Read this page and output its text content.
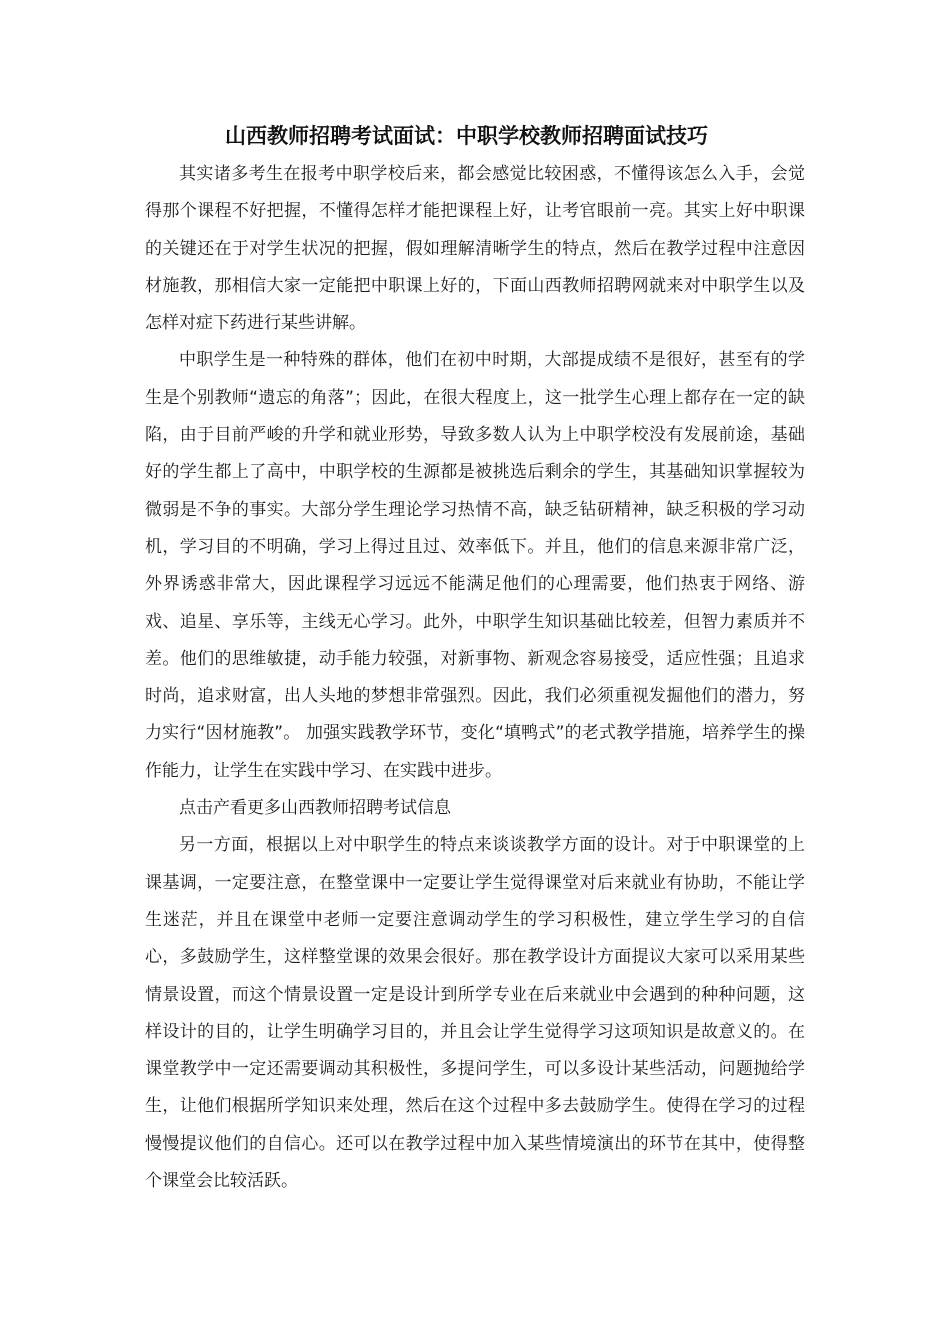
山西教师招聘考试面试：中职学校教师招聘面试技巧

其实诸多考生在报考中职学校后来，都会感觉比较困惑，不懂得该怎么入手，会觉得那个课程不好把握，不懂得怎样才能把课程上好，让考官眼前一亮。其实上好中职课的关键还在于对学生状况的把握，假如理解清晰学生的特点，然后在教学过程中注意因材施教，那相信大家一定能把中职课上好的，下面山西教师招聘网就来对中职学生以及怎样对症下药进行某些讲解。

中职学生是一种特殊的群体，他们在初中时期，大部提成绩不是很好，甚至有的学生是个别教师“遗忘的角落”；因此，在很大程度上，这一批学生心理上都存在一定的缺陷，由于目前严峻的升学和就业形势，导致多数人认为上中职学校没有发展前途，基础好的学生都上了高中，中职学校的生源都是被挑选后剩余的学生，其基础知识掌握较为微弱是不争的事实。大部分学生理论学习热情不高，缺乏钻研精神，缺乏积极的学习动机，学习目的不明确，学习上得过且过、效率低下。并且，他们的信息来源非常广泛，外界诱惑非常大，因此课程学习远远不能满足他们的心理需要，他们热衷于网络、游戏、追星、享乐等，主线无心学习。此外，中职学生知识基础比较差，但智力素质并不差。他们的思维敏捷，动手能力较强，对新事物、新观念容易接受，适应性强；且追求时尚，追求财富，出人头地的梦想非常强烈。因此，我们必须重视发掘他们的潜力，努力实行“因材施教”。 加强实践教学环节，变化“填鸭式”的老式教学措施，培养学生的操作能力，让学生在实践中学习、在实践中进步。

点击产看更多山西教师招聘考试信息

另一方面，根据以上对中职学生的特点来谈谈教学方面的设计。对于中职课堂的上课基调，一定要注意，在整堂课中一定要让学生觉得课堂对后来就业有协助，不能让学生迷茫，并且在课堂中老师一定要注意调动学生的学习积极性，建立学生学习的自信心，多鼓励学生，这样整堂课的效果会很好。那在教学设计方面提议大家可以采用某些情景设置，而这个情景设置一定是设计到所学专业在后来就业中会遇到的种种问题，这样设计的目的，让学生明确学习目的，并且会让学生觉得学习这项知识是故意义的。在课堂教学中一定还需要调动其积极性，多提问学生，可以多设计某些活动，问题抛给学生，让他们根据所学知识来处理，然后在这个过程中多去鼓励学生。使得在学习的过程慢慢提议他们的自信心。还可以在教学过程中加入某些情境演出的环节在其中，使得整个课堂会比较活跃。
